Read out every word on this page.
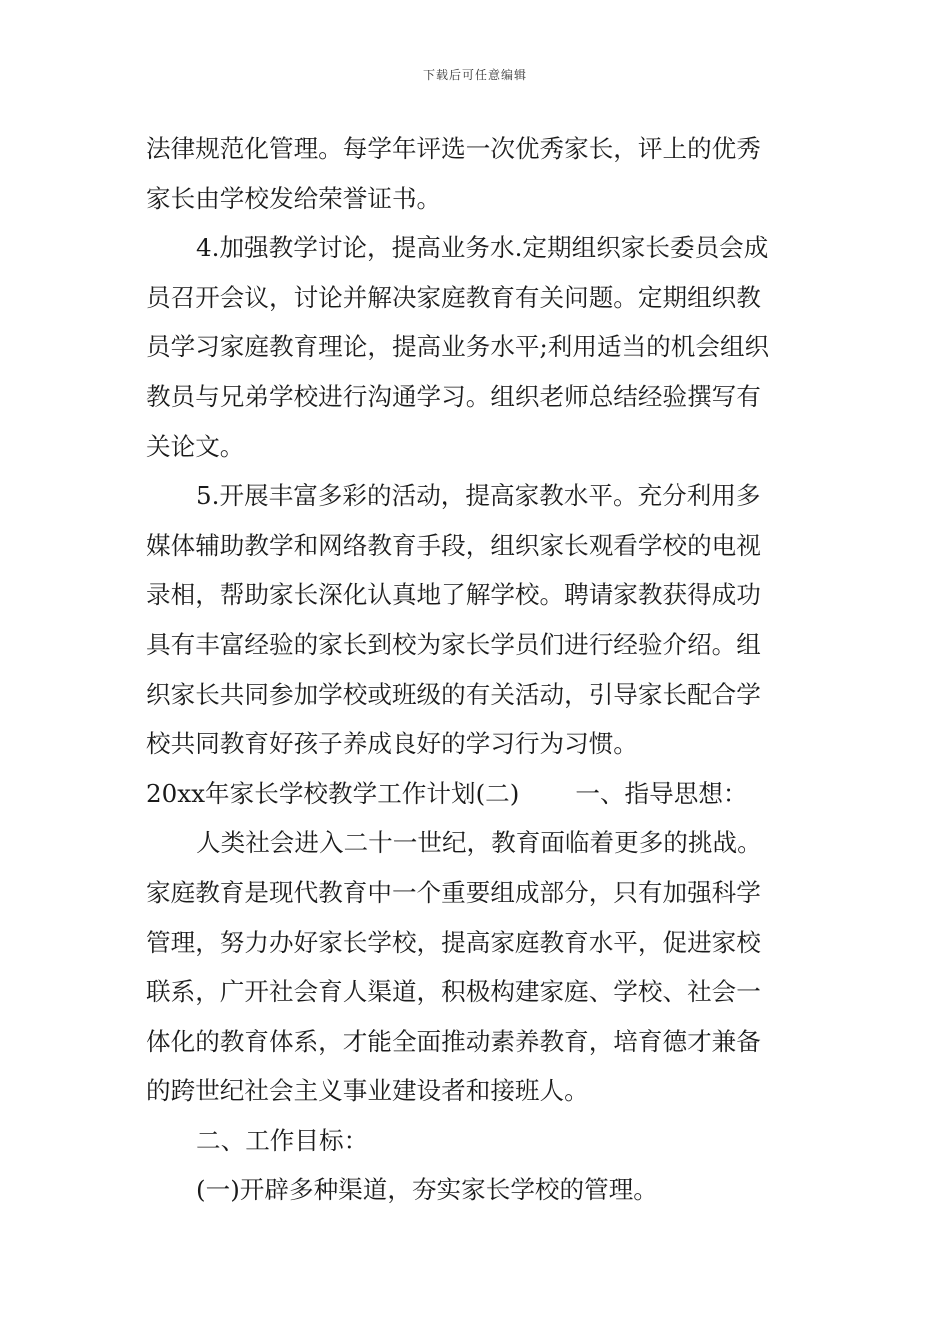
下载后可任意编辑
法律规范化管理。每学年评选一次优秀家长，评上的优秀
家长由学校发给荣誉证书。
4.加强教学讨论，提高业务水.定期组织家长委员会成
员召开会议，讨论并解决家庭教育有关问题。定期组织教
员学习家庭教育理论，提高业务水平;利用适当的机会组织
教员与兄弟学校进行沟通学习。组织老师总结经验撰写有
关论文。
5.开展丰富多彩的活动，提高家教水平。充分利用多
媒体辅助教学和网络教育手段，组织家长观看学校的电视
录相，帮助家长深化认真地了解学校。聘请家教获得成功
具有丰富经验的家长到校为家长学员们进行经验介绍。组
织家长共同参加学校或班级的有关活动，引导家长配合学
校共同教育好孩子养成良好的学习行为习惯。
20xx年家长学校教学工作计划(二) 一、指导思想：
人类社会进入二十一世纪，教育面临着更多的挑战。
家庭教育是现代教育中一个重要组成部分，只有加强科学
管理，努力办好家长学校，提高家庭教育水平，促进家校
联系，广开社会育人渠道，积极构建家庭、学校、社会一
体化的教育体系，才能全面推动素养教育，培育德才兼备
的跨世纪社会主义事业建设者和接班人。
二、工作目标：
(一)开辟多种渠道，夯实家长学校的管理。
